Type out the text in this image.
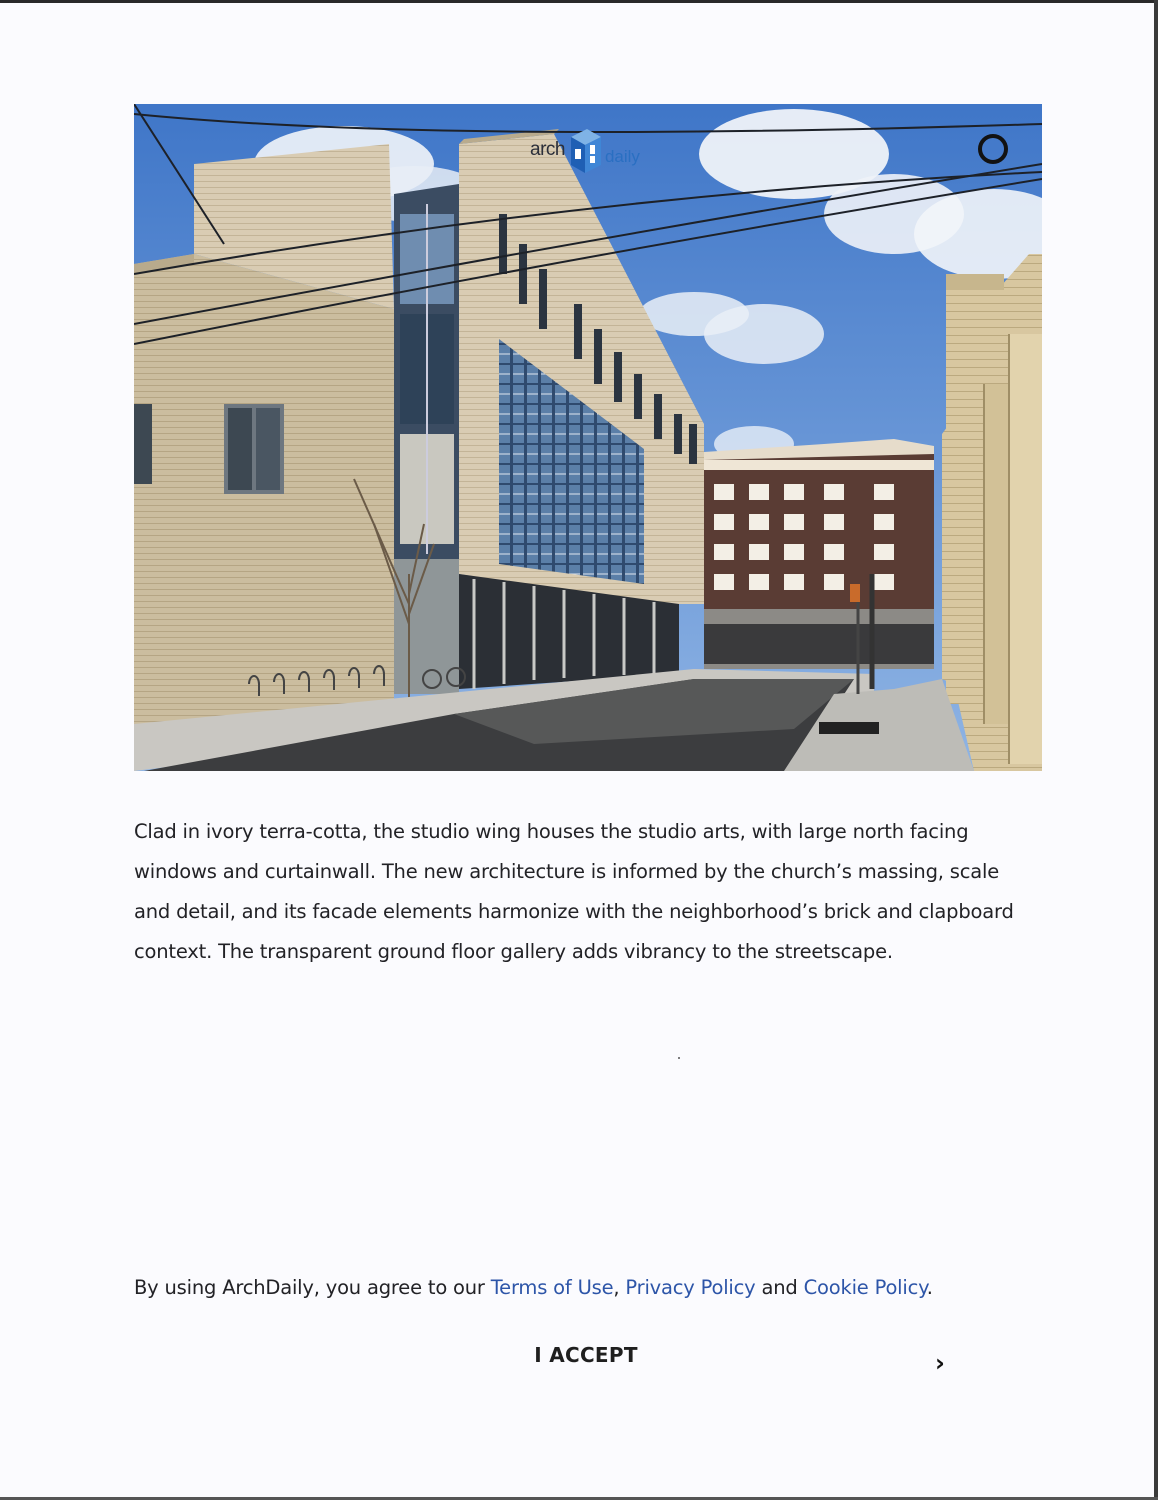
arch daily
Clad in ivory terra-cotta, the studio wing houses the studio arts, with large north facing windows and curtainwall. The new architecture is informed by the church’s massing, scale and detail, and its facade elements harmonize with the neighborhood’s brick and clapboard context. The transparent ground floor gallery adds vibrancy to the streetscape.
By using ArchDaily, you agree to our Terms of Use, Privacy Policy and Cookie Policy.
I ACCEPT	›
